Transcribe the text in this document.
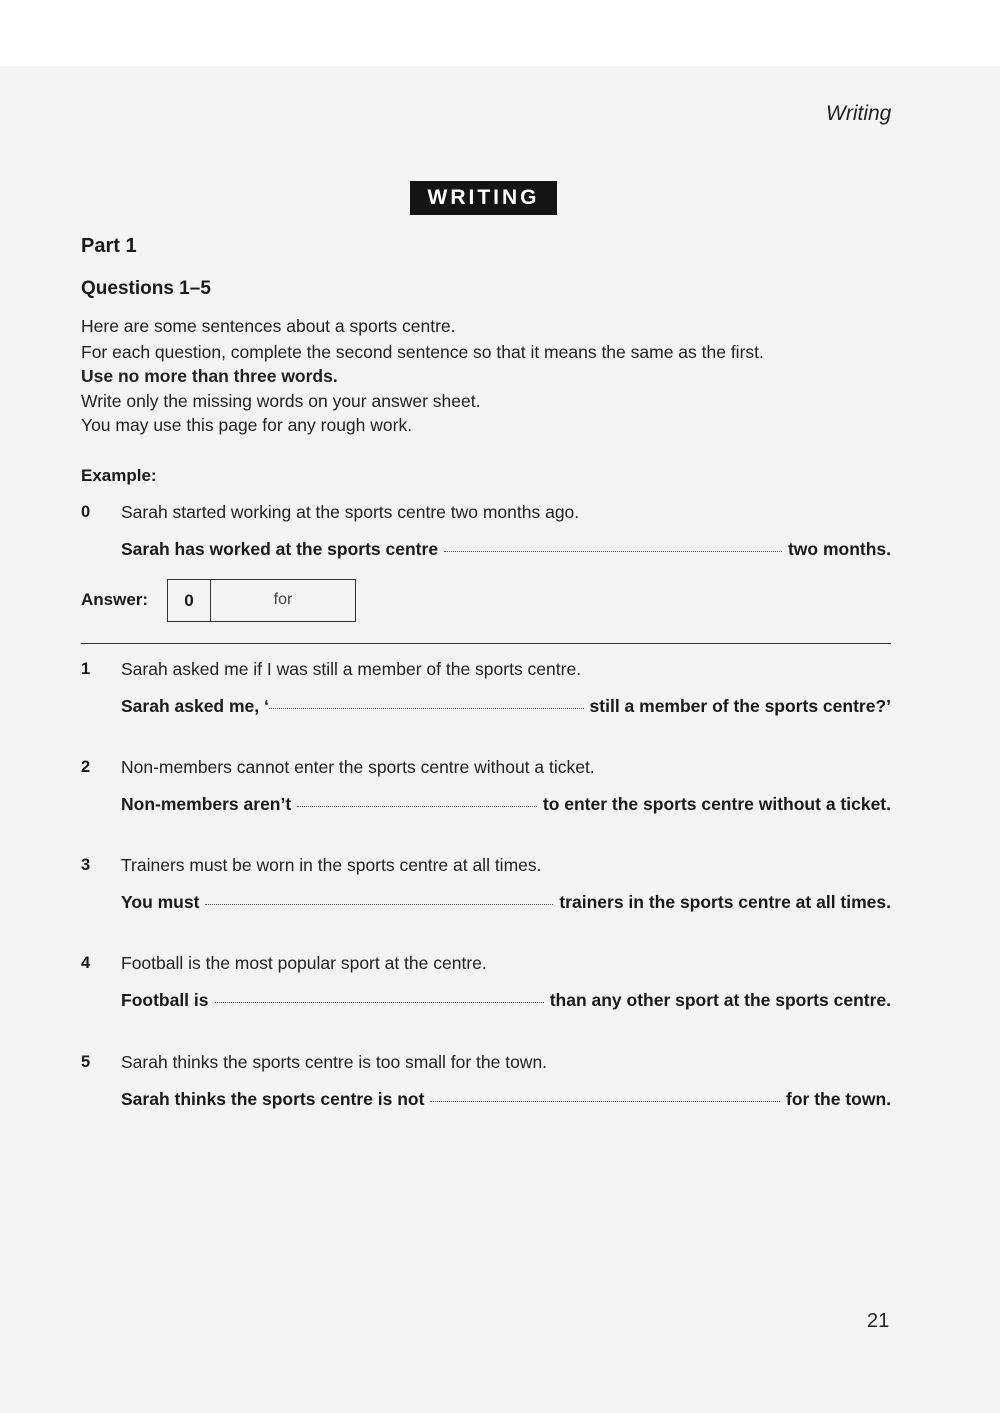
Writing
WRITING
Part 1
Questions 1–5
Here are some sentences about a sports centre.
For each question, complete the second sentence so that it means the same as the first.
Use no more than three words.
Write only the missing words on your answer sheet.
You may use this page for any rough work.
Example:
0 Sarah started working at the sports centre two months ago.
Sarah has worked at the sports centre	two months.
Answer:	0	for
1 Sarah asked me if I was still a member of the sports centre.
Sarah asked me, ‘	still a member of the sports centre?’
2 Non-members cannot enter the sports centre without a ticket.
Non-members aren’t	to enter the sports centre without a ticket.
3 Trainers must be worn in the sports centre at all times.
You must	trainers in the sports centre at all times.
4 Football is the most popular sport at the centre.
Football is	than any other sport at the sports centre.
5 Sarah thinks the sports centre is too small for the town.
Sarah thinks the sports centre is not	for the town.
21
